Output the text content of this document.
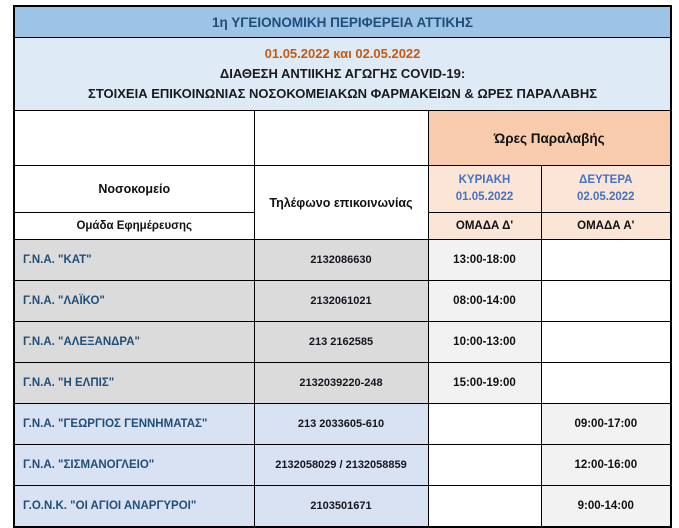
1η ΥΓΕΙΟΝΟΜΙΚΗ ΠΕΡΙΦΕΡΕΙΑ ΑΤΤΙΚΗΣ			

01.05.2022 και 02.05.2022
ΔΙΑΘΕΣΗ ΑΝΤΙΙΚΗΣ ΑΓΩΓΗΣ COVID-19:
ΣΤΟΙΧΕΙΑ ΕΠΙΚΟΙΝΩΝΙΑΣ ΝΟΣΟΚΟΜΕΙΑΚΩΝ ΦΑΡΜΑΚΕΙΩΝ & ΩΡΕΣ ΠΑΡΑΛΑΒΗΣ			

		Ώρες Παραλαβής	
Νοσοκομείο	Τηλέφωνο επικοινωνίας	
ΚΥΡΙΑΚΗ
01.05.2022

ΔΕΥΤΕΡΑ
02.05.2022

Ομάδα Εφημέρευσης		ΟΜΑΔΑ Δ'	ΟΜΑΔΑ Α'
Γ.Ν.Α. "ΚΑΤ"	2132086630	13:00-18:00	
Γ.Ν.Α. "ΛΑΪΚΟ"	2132061021	08:00-14:00	
Γ.Ν.Α. "ΑΛΕΞΑΝΔΡΑ"	213 2162585	10:00-13:00	
Γ.Ν.Α. "Η ΕΛΠΙΣ"	2132039220-248	15:00-19:00	
Γ.Ν.Α. "ΓΕΩΡΓΙΟΣ ΓΕΝΝΗΜΑΤΑΣ"	213 2033605-610		09:00-17:00
Γ.Ν.Α. "ΣΙΣΜΑΝΟΓΛΕΙΟ"	2132058029 / 2132058859		12:00-16:00
Γ.Ο.Ν.Κ. "ΟΙ ΑΓΙΟΙ ΑΝΑΡΓΥΡΟΙ"	2103501671		9:00-14:00
